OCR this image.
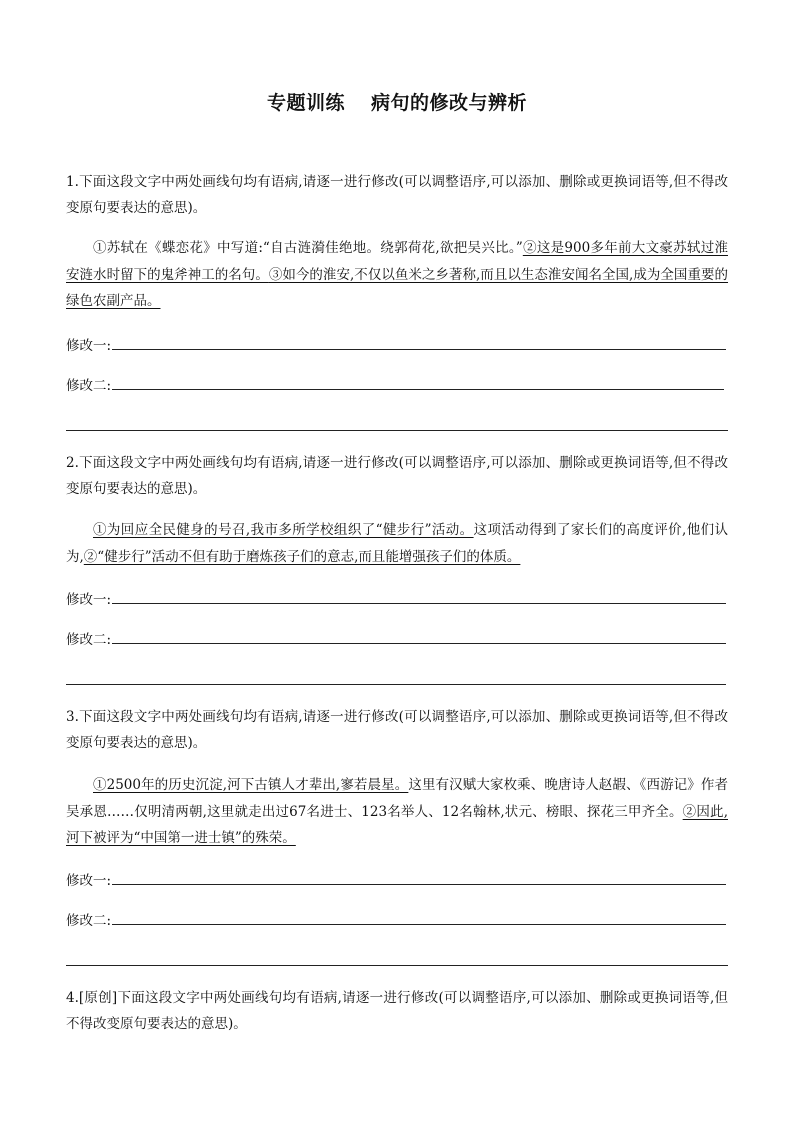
专题训练 病句的修改与辨析
1.下面这段文字中两处画线句均有语病,请逐一进行修改(可以调整语序,可以添加、删除或更换词语等,但不得改变原句要表达的意思)。
①苏轼在《蝶恋花》中写道:“自古涟漪佳绝地。绕郭荷花,欲把吴兴比。”②这是900多年前大文豪苏轼过淮安涟水时留下的鬼斧神工的名句。③如今的淮安,不仅以鱼米之乡著称,而且以生态淮安闻名全国,成为全国重要的绿色农副产品。
修改一:
修改二:
2.下面这段文字中两处画线句均有语病,请逐一进行修改(可以调整语序,可以添加、删除或更换词语等,但不得改变原句要表达的意思)。
①为回应全民健身的号召,我市多所学校组织了“健步行”活动。这项活动得到了家长们的高度评价,他们认为,②“健步行”活动不但有助于磨炼孩子们的意志,而且能增强孩子们的体质。
修改一:
修改二:
3.下面这段文字中两处画线句均有语病,请逐一进行修改(可以调整语序,可以添加、删除或更换词语等,但不得改变原句要表达的意思)。
①2500年的历史沉淀,河下古镇人才辈出,寥若晨星。这里有汉赋大家枚乘、晚唐诗人赵嘏、《西游记》作者吴承恩……仅明清两朝,这里就走出过67名进士、123名举人、12名翰林,状元、榜眼、探花三甲齐全。②因此,河下被评为“中国第一进士镇”的殊荣。
修改一:
修改二:
4.[原创]下面这段文字中两处画线句均有语病,请逐一进行修改(可以调整语序,可以添加、删除或更换词语等,但不得改变原句要表达的意思)。
